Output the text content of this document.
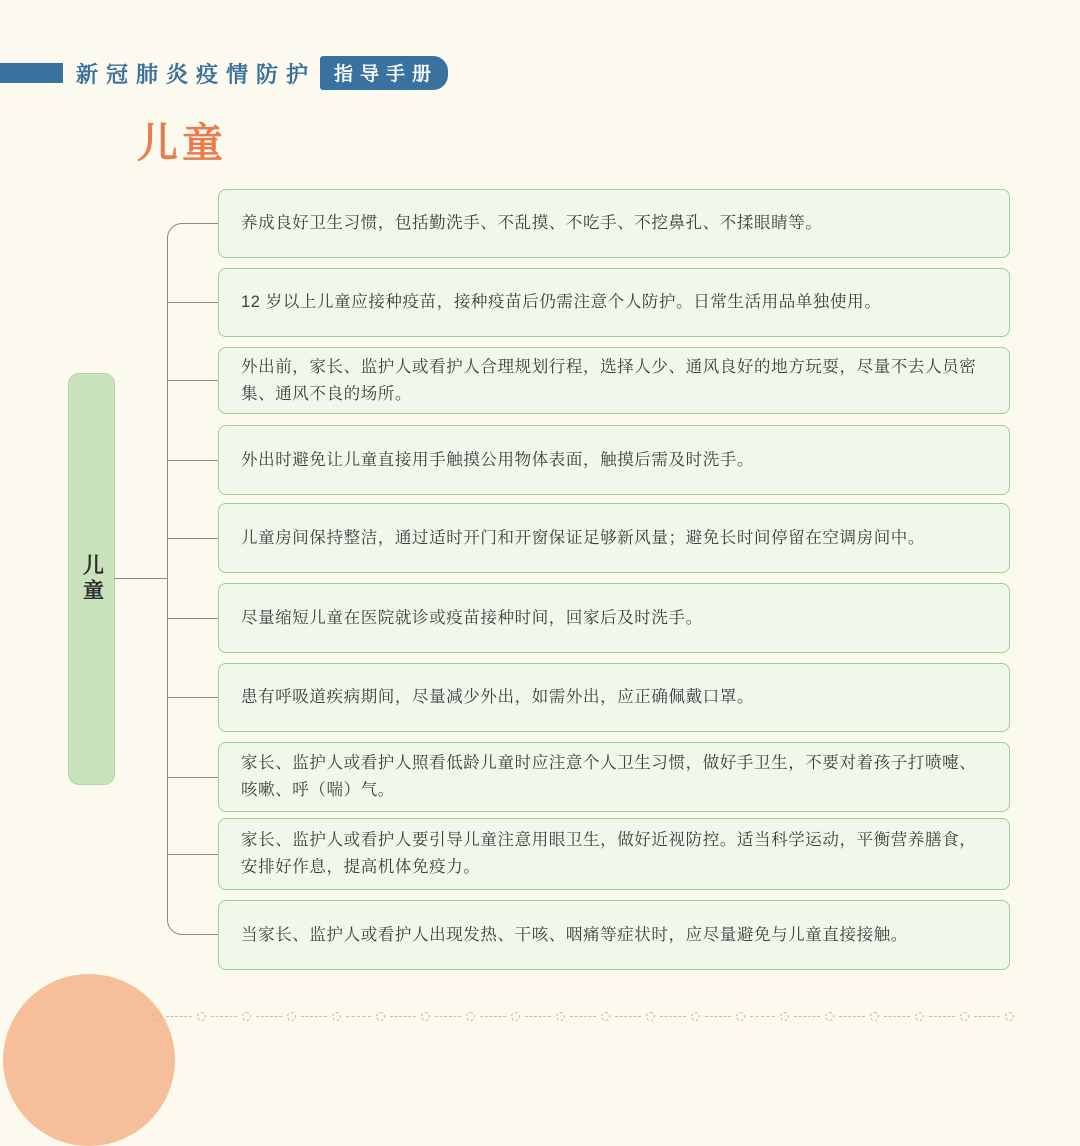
新冠肺炎疫情防护 指导手册
儿童
儿童
养成良好卫生习惯，包括勤洗手、不乱摸、不吃手、不挖鼻孔、不揉眼睛等。
12 岁以上儿童应接种疫苗，接种疫苗后仍需注意个人防护。日常生活用品单独使用。
外出前，家长、监护人或看护人合理规划行程，选择人少、通风良好的地方玩耍，尽量不去人员密集、通风不良的场所。
外出时避免让儿童直接用手触摸公用物体表面，触摸后需及时洗手。
儿童房间保持整洁，通过适时开门和开窗保证足够新风量；避免长时间停留在空调房间中。
尽量缩短儿童在医院就诊或疫苗接种时间，回家后及时洗手。
患有呼吸道疾病期间，尽量减少外出，如需外出，应正确佩戴口罩。
家长、监护人或看护人照看低龄儿童时应注意个人卫生习惯，做好手卫生，不要对着孩子打喷嚏、咳嗽、呼（喘）气。
家长、监护人或看护人要引导儿童注意用眼卫生，做好近视防控。适当科学运动，平衡营养膳食，安排好作息，提高机体免疫力。
当家长、监护人或看护人出现发热、干咳、咽痛等症状时，应尽量避免与儿童直接接触。
